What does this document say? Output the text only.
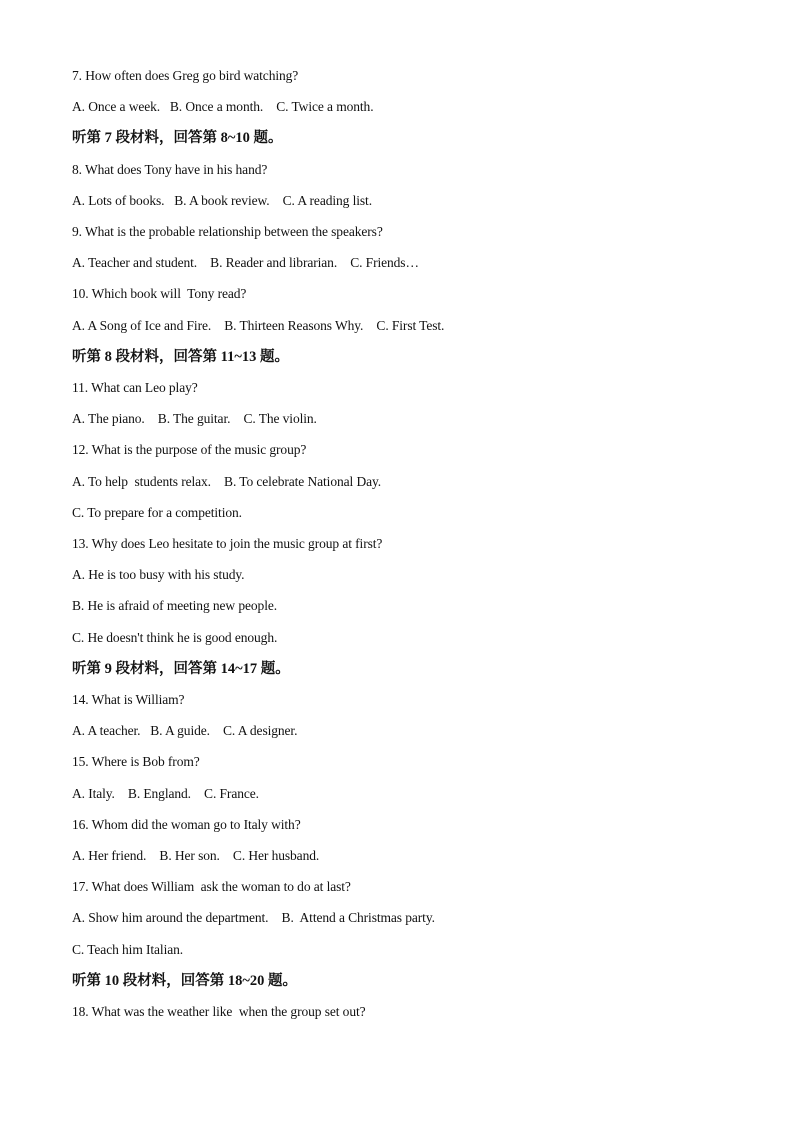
7. How often does Greg go bird watching?
A. Once a week.   B. Once a month.    C. Twice a month.
听第 7 段材料，回答第 8~10 题。
8. What does Tony have in his hand?
A. Lots of books.   B. A book review.    C. A reading list.
9. What is the probable relationship between the speakers?
A. Teacher and student.    B. Reader and librarian.    C. Friends…
10. Which book will  Tony read?
A. A Song of Ice and Fire.    B. Thirteen Reasons Why.    C. First Test.
听第 8 段材料，回答第 11~13 题。
11. What can Leo play?
A. The piano.    B. The guitar.    C. The violin.
12. What is the purpose of the music group?
A. To help  students relax.    B. To celebrate National Day.
C. To prepare for a competition.
13. Why does Leo hesitate to join the music group at first?
A. He is too busy with his study.
B. He is afraid of meeting new people.
C. He doesn't think he is good enough.
听第 9 段材料，回答第 14~17 题。
14. What is William?
A. A teacher.   B. A guide.    C. A designer.
15. Where is Bob from?
A. Italy.    B. England.    C. France.
16. Whom did the woman go to Italy with?
A. Her friend.    B. Her son.    C. Her husband.
17. What does William  ask the woman to do at last?
A. Show him around the department.    B.  Attend a Christmas party.
C. Teach him Italian.
听第 10 段材料，回答第 18~20 题。
18. What was the weather like  when the group set out?
